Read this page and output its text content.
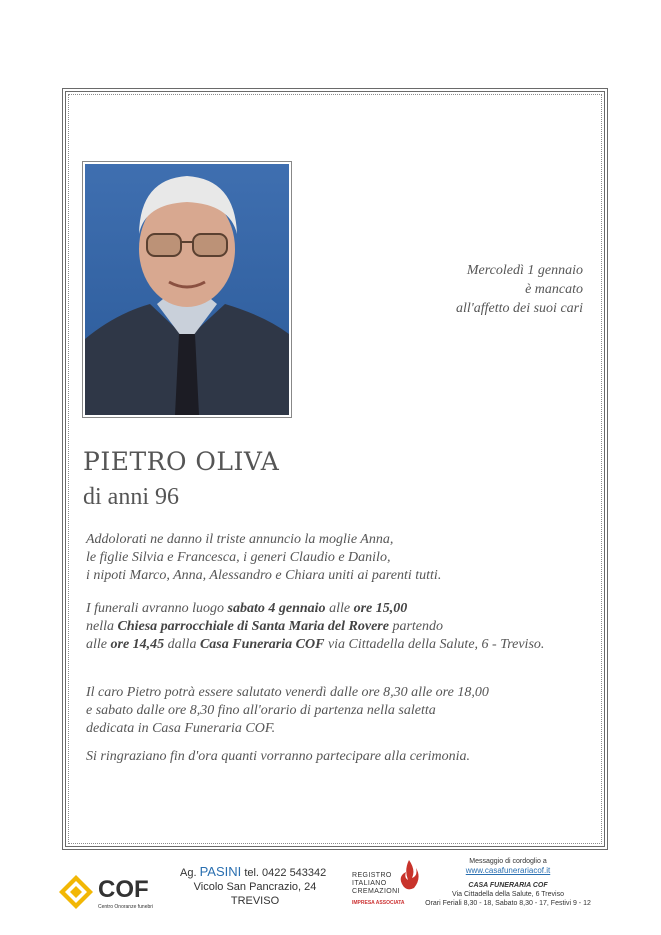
Mercoledì 1 gennaio
è mancato
all'affetto dei suoi cari
PIETRO OLIVA
di anni 96
Addolorati ne danno il triste annuncio la moglie Anna,
le figlie Silvia e Francesca, i generi Claudio e Danilo,
i nipoti Marco, Anna, Alessandro e Chiara uniti ai parenti tutti.
I funerali avranno luogo sabato 4 gennaio alle ore 15,00
nella Chiesa parrocchiale di Santa Maria del Rovere partendo
alle ore 14,45 dalla Casa Funeraria COF via Cittadella della Salute, 6 - Treviso.
Il caro Pietro potrà essere salutato venerdì dalle ore 8,30 alle ore 18,00
e sabato dalle ore 8,30 fino all'orario di partenza nella saletta
dedicata in Casa Funeraria COF.
Si ringraziano fin d'ora quanti vorranno partecipare alla cerimonia.
COF
Centro Onoranze funebri
Ag. PASINI tel. 0422 543342
Vicolo San Pancrazio, 24
TREVISO
REGISTRO
ITALIANO
CREMAZIONI
IMPRESA ASSOCIATA
Messaggio di cordoglio a
www.casafunerariacof.it
CASA FUNERARIA COF
Via Cittadella della Salute, 6 Treviso
Orari Feriali 8,30 - 18, Sabato 8,30 - 17, Festivi 9 - 12
